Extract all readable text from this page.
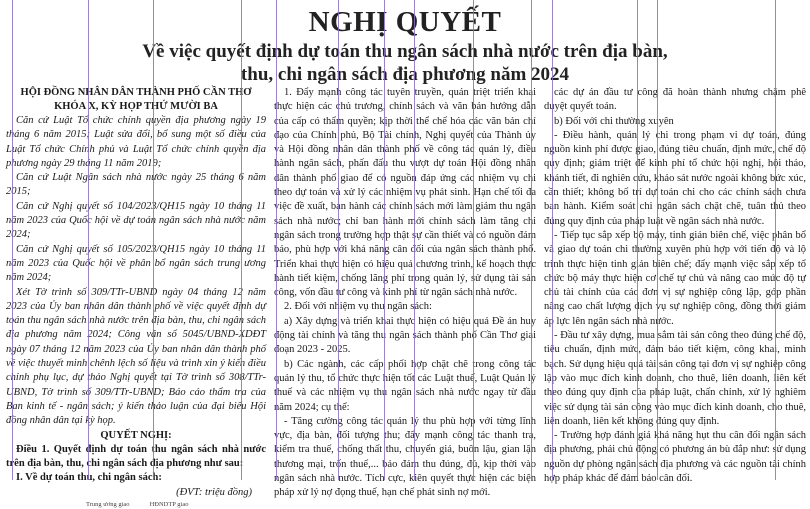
NGHỊ QUYẾT
Về việc quyết định dự toán thu ngân sách nhà nước trên địa bàn,
thu, chi ngân sách địa phương năm 2024
HỘI ĐỒNG NHÂN DÂN THÀNH PHỐ CẦN THƠ
KHÓA X, KỲ HỌP THỨ MƯỜI BA

Căn cứ Luật Tổ chức chính quyền địa phương ngày 19 tháng 6 năm 2015; Luật sửa đổi, bổ sung một số điều của Luật Tổ chức Chính phủ và Luật Tổ chức chính quyền địa phương ngày 29 tháng 11 năm 2019;

Căn cứ Luật Ngân sách nhà nước ngày 25 tháng 6 năm 2015;

Căn cứ Nghị quyết số 104/2023/QH15 ngày 10 tháng 11 năm 2023 của Quốc hội về dự toán ngân sách nhà nước năm 2024;

Căn cứ Nghị quyết số 105/2023/QH15 ngày 10 tháng 11 năm 2023 của Quốc hội về phân bổ ngân sách trung ương năm 2024;

Xét Tờ trình số 309/TTr-UBND ngày 04 tháng 12 năm 2023 của Ủy ban nhân dân thành phố về việc quyết định dự toán thu ngân sách nhà nước trên địa bàn, thu, chi ngân sách địa phương năm 2024; Công văn số 5045/UBND-XDĐT ngày 07 tháng 12 năm 2023 của Ủy ban nhân dân thành phố về việc thuyết minh chênh lệch số liệu và trình xin ý kiến điều chỉnh phụ lục, dự thảo Nghị quyết tại Tờ trình số 308/TTr-UBND, Tờ trình số 309/TTr-UBND; Báo cáo thẩm tra của Ban kinh tế - ngân sách; ý kiến thảo luận của đại biểu Hội đồng nhân dân tại kỳ họp.

QUYẾT NGHỊ:

Điều 1. Quyết định dự toán thu ngân sách nhà nước trên địa bàn, thu, chi ngân sách địa phương như sau:

I. Về dự toán thu, chi ngân sách:

(ĐVT: triệu đồng)

Trung ương giao	HĐNDTP giao

1. Đẩy mạnh công tác tuyên truyền, quán triệt triển khai thực hiện các chủ trương, chính sách và văn bản hướng dẫn của cấp có thẩm quyền; kịp thời thể chế hóa các văn bản chỉ đạo của Chính phủ, Bộ Tài chính, Nghị quyết của Thành ủy và Hội đồng nhân dân thành phố về công tác quản lý, điều hành ngân sách, phấn đấu thu vượt dự toán Hội đồng nhân dân thành phố giao để có nguồn đáp ứng các nhiệm vụ chi theo dự toán và xử lý các nhiệm vụ phát sinh. Hạn chế tối đa việc đề xuất, ban hành các chính sách mới làm giảm thu ngân sách nhà nước; chỉ ban hành mới chính sách làm tăng chi ngân sách trong trường hợp thật sự cần thiết và có nguồn đảm bảo, phù hợp với khả năng cân đối của ngân sách thành phố. Triển khai thực hiện có hiệu quả chương trình, kế hoạch thực hành tiết kiệm, chống lãng phí trong quản lý, sử dụng tài sản công, vốn đầu tư công và kinh phí từ ngân sách nhà nước.

2. Đối với nhiệm vụ thu ngân sách:

a) Xây dựng và triển khai thực hiện có hiệu quả Đề án huy động tài chính và tăng thu ngân sách thành phố Cần Thơ giai đoạn 2023 - 2025.

b) Các ngành, các cấp phối hợp chặt chẽ trong công tác quản lý thu, tổ chức thực hiện tốt các Luật thuế, Luật Quản lý thuế và các nhiệm vụ thu ngân sách nhà nước ngay từ đầu năm 2024; cụ thể:

- Tăng cường công tác quản lý thu phù hợp với từng lĩnh vực, địa bàn, đối tượng thu; đẩy mạnh công tác thanh tra, kiểm tra thuế, chống thất thu, chuyển giá, buôn lậu, gian lận thương mại, trốn thuế,... bảo đảm thu đúng, đủ, kịp thời vào ngân sách nhà nước. Tích cực, kiên quyết thực hiện các biện pháp xử lý nợ đọng thuế, hạn chế phát sinh nợ mới.

các dự án đầu tư công đã hoàn thành nhưng chậm phê duyệt quyết toán.

b) Đối với chi thường xuyên

- Điều hành, quản lý chi trong phạm vi dự toán, đúng nguồn kinh phí được giao, đúng tiêu chuẩn, định mức, chế độ quy định; giảm triệt để kinh phí tổ chức hội nghị, hội thảo, khánh tiết, đi nghiên cứu, khảo sát nước ngoài không bức xúc, cần thiết; không bố trí dự toán chi cho các chính sách chưa ban hành. Kiểm soát chi ngân sách chặt chẽ, tuân thủ theo đúng quy định của pháp luật về ngân sách nhà nước.

- Tiếp tục sắp xếp bộ máy, tinh giản biên chế, việc phân bổ và giao dự toán chi thường xuyên phù hợp với tiến độ và lộ trình thực hiện tinh giản biên chế; đẩy mạnh việc sắp xếp tổ chức bộ máy thực hiện cơ chế tự chủ và nâng cao mức độ tự chủ tài chính của các đơn vị sự nghiệp công lập, góp phần nâng cao chất lượng dịch vụ sự nghiệp công, đồng thời giảm áp lực lên ngân sách nhà nước.

- Đầu tư xây dựng, mua sắm tài sản công theo đúng chế độ, tiêu chuẩn, định mức, đảm bảo tiết kiệm, công khai, minh bạch. Sử dụng hiệu quả tài sản công tại đơn vị sự nghiệp công lập vào mục đích kinh doanh, cho thuê, liên doanh, liên kết theo đúng quy định của pháp luật, chấn chỉnh, xử lý nghiêm việc sử dụng tài sản công vào mục đích kinh doanh, cho thuê, liên doanh, liên kết không đúng quy định.

- Trường hợp đánh giá khả năng hụt thu cân đối ngân sách địa phương, phải chủ động có phương án bù đắp như: sử dụng nguồn dự phòng ngân sách địa phương và các nguồn tài chính hợp pháp khác để đảm bảo cân đối.
